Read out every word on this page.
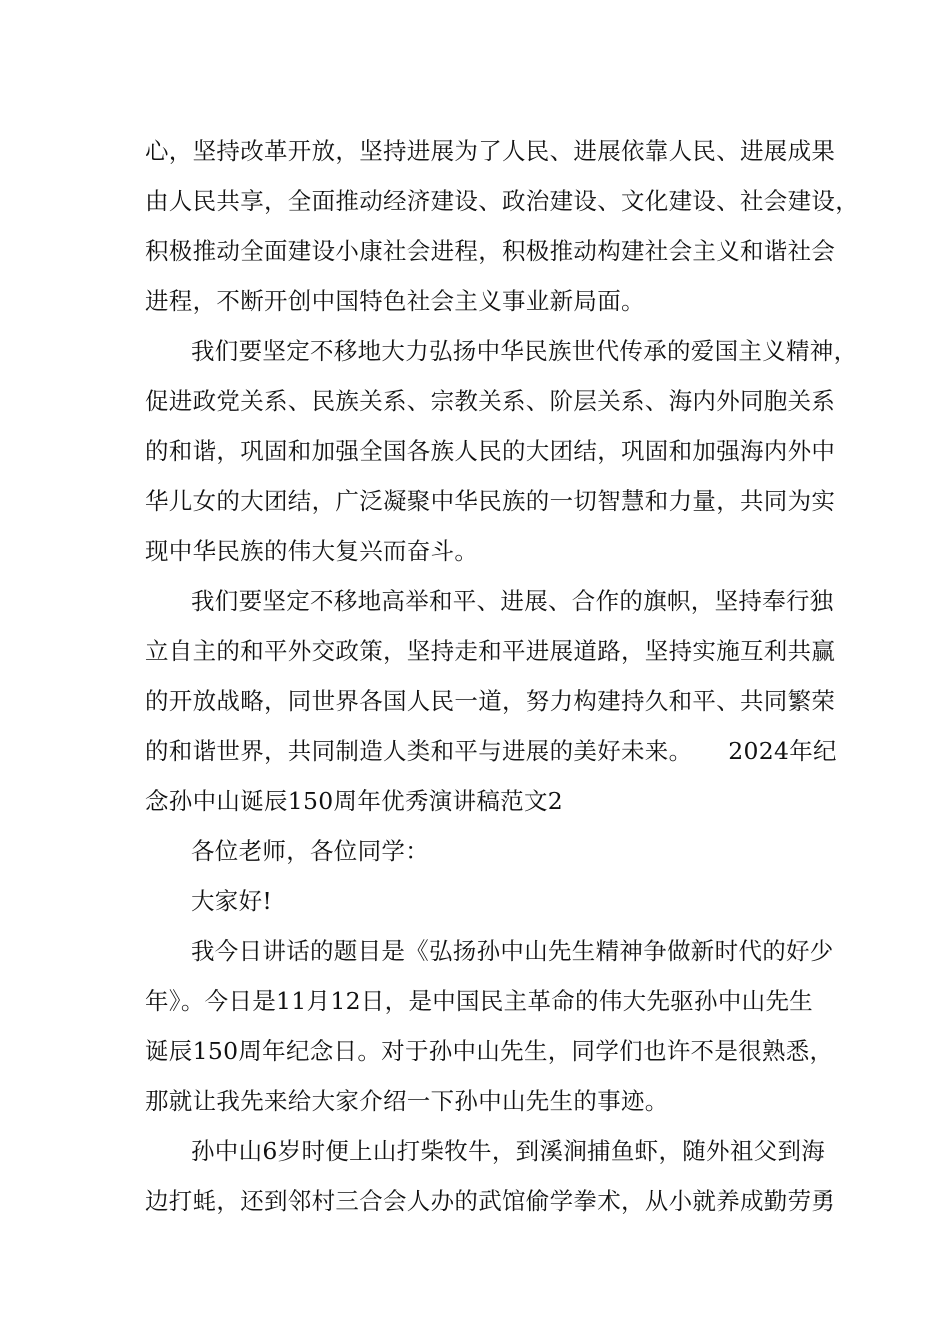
心，坚持改革开放，坚持进展为了人民、进展依靠人民、进展成果
由人民共享，全面推动经济建设、政治建设、文化建设、社会建设，
积极推动全面建设小康社会进程，积极推动构建社会主义和谐社会
进程，不断开创中国特色社会主义事业新局面。
我们要坚定不移地大力弘扬中华民族世代传承的爱国主义精神，
促进政党关系、民族关系、宗教关系、阶层关系、海内外同胞关系
的和谐，巩固和加强全国各族人民的大团结，巩固和加强海内外中
华儿女的大团结，广泛凝聚中华民族的一切智慧和力量，共同为实
现中华民族的伟大复兴而奋斗。
我们要坚定不移地高举和平、进展、合作的旗帜，坚持奉行独
立自主的和平外交政策，坚持走和平进展道路，坚持实施互利共赢
的开放战略，同世界各国人民一道，努力构建持久和平、共同繁荣
的和谐世界，共同制造人类和平与进展的美好未来。　　2024年纪
念孙中山诞辰150周年优秀演讲稿范文2
各位老师，各位同学：
大家好!
我今日讲话的题目是《弘扬孙中山先生精神争做新时代的好少
年》。今日是11月12日，是中国民主革命的伟大先驱孙中山先生
诞辰150周年纪念日。对于孙中山先生，同学们也许不是很熟悉，
那就让我先来给大家介绍一下孙中山先生的事迹。
孙中山6岁时便上山打柴牧牛，到溪涧捕鱼虾，随外祖父到海
边打蚝，还到邻村三合会人办的武馆偷学拳术，从小就养成勤劳勇
